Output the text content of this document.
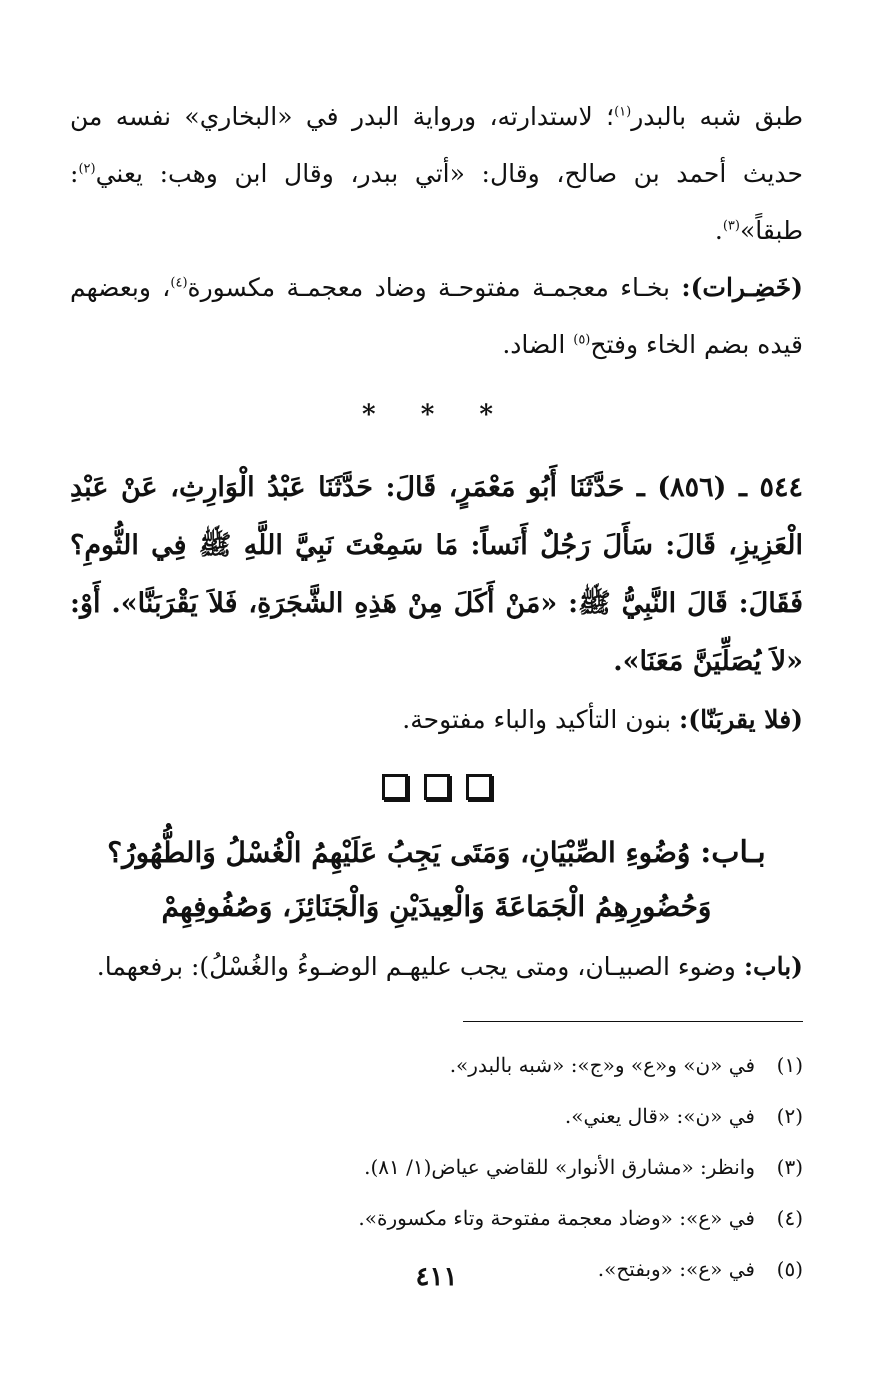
طبق شبه بالبدر$^{(١)}$؛ لاستدارته، ورواية البدر في «البخاري» نفسه من حديث أحمد بن صالح، وقال: «أتي ببدر، وقال ابن وهب: يعني$^{(٢)}$: طبقاً»$^{(٣)}$.

(خَضِـرات): بخـاء معجمـة مفتوحـة وضاد معجمـة مكسورة$^{(٤)}$، وبعضهم قيده بضم الخاء وفتح$^{(٥)}$ الضاد.

* * *

٥٤٤ ـ (٨٥٦) ـ حَدَّثَنَا أَبُو مَعْمَرٍ، قَالَ: حَدَّثَنَا عَبْدُ الْوَارِثِ، عَنْ عَبْدِ الْعَزِيزِ، قَالَ: سَأَلَ رَجُلٌ أَنَساً: مَا سَمِعْتَ نَبِيَّ اللَّهِ ﷺ فِي الثُّومِ؟ فَقَالَ: قَالَ النَّبِيُّ ﷺ: «مَنْ أَكَلَ مِنْ هَذِهِ الشَّجَرَةِ، فَلاَ يَقْرَبَنَّا». أَوْ: «لاَ يُصَلِّيَنَّ مَعَنَا».

(فلا يقربَنّا): بنون التأكيد والباء مفتوحة.

بـاب: وُضُوءِ الصِّبْيَانِ، وَمَتَى يَجِبُ عَلَيْهِمُ الْغُسْلُ وَالطُّهُورُ؟
وَحُضُورِهِمُ الْجَمَاعَةَ وَالْعِيدَيْنِ وَالْجَنَائِزَ، وَصُفُوفِهِمْ

(باب: وضوء الصبيـان، ومتى يجب عليهـم الوضـوءُ والغُسْلُ): برفعهما.

(١)
في «ن» و«ع» و«ج»: «شبه بالبدر».
(٢)
في «ن»: «قال يعني».
(٣)
وانظر: «مشارق الأنوار» للقاضي عياض(١/ ٨١).
(٤)
في «ع»: «وضاد معجمة مفتوحة وتاء مكسورة».
(٥)
في «ع»: «وبفتح».
٤١١
